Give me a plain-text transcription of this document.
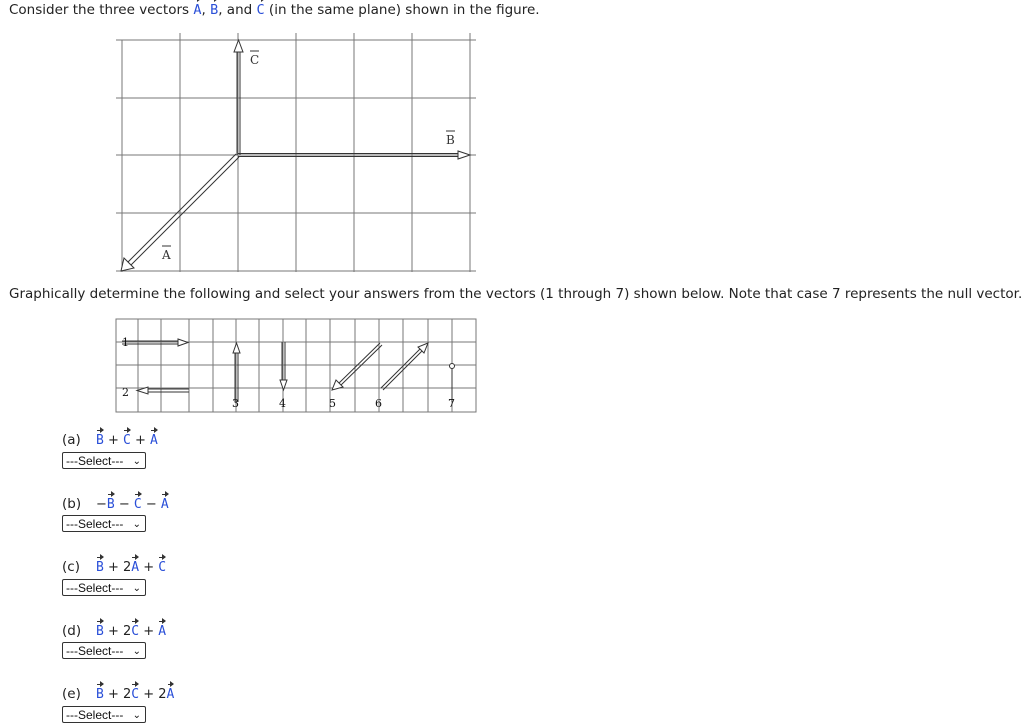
Consider the three vectors A, B, and C (in the same plane) shown in the figure.
C
B
A
Graphically determine the following and select your answers from the vectors (1 through 7) shown below. Note that case 7 represents the null vector.
1
2
3	4	5	6	7
(a) B + C + A
---Select--- ⌄
(b) −B − C − A
---Select--- ⌄
(c) B + 2A + C
---Select--- ⌄
(d) B + 2C + A
---Select--- ⌄
(e) B + 2C + 2A
---Select--- ⌄
